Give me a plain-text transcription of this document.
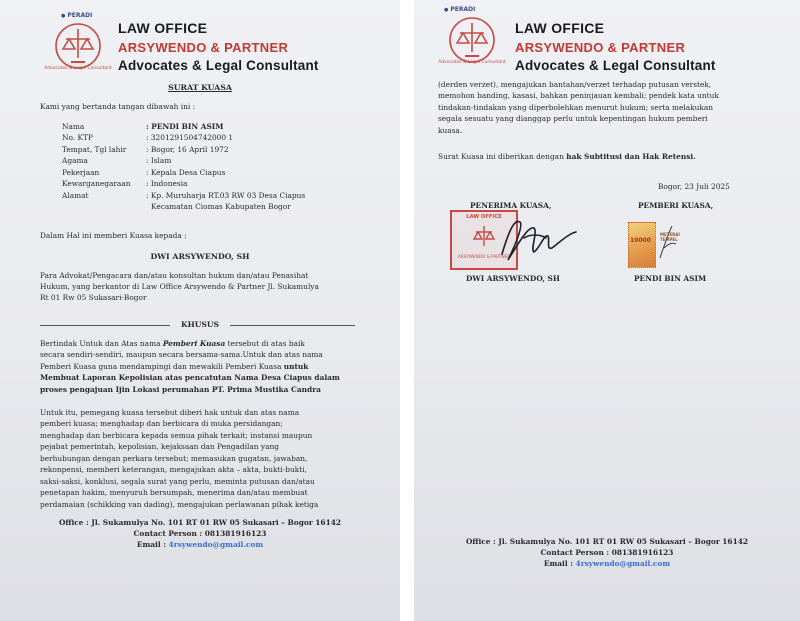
● PERADI
Advocates & Legal Consultant
LAW OFFICE
ARSYWENDO & PARTNER
Advocates & Legal Consultant
SURAT KUASA
Kami yang bertanda tangan dibawah ini :
Nama	: PENDI BIN ASIM
No. KTP	: 3201291504742000 1
Tempat, Tgl lahir	: Bogor, 16 April 1972
Agama	: Islam
Pekerjaan	: Kepala Desa Ciapus
Kewarganegaraan : Indonesia
Alamat	: Kp. Muruharja RT.03 RW 03 Desa Ciapus
Kecamatan Ciomas Kabupaten Bogor
Dalam Hal ini memberi Kuasa kepada :
DWI ARSYWENDO, SH
Para Advokat/Pengacara dan/atau konsultan hukum dan/atau Penasihat
Hukum, yang berkantor di Law Office Arsywendo & Partner Jl. Sukamulya
Rt 01 Rw 05 Sukasari-Bogor
KHUSUS
Bertindak Untuk dan Atas nama Pemberi Kuasa tersebut di atas baik
secara sendiri-sendiri, maupun secara bersama-sama.Untuk dan atas nama
Pemberi Kuasa guna mendampingi dan mewakili Pemberi Kuasa untuk
Membuat Laporan Kepolisian atas pencatutan Nama Desa Ciapus dalam
proses pengajuan Ijin Lokasi perumahan PT. Prima Mustika Candra
Untuk itu, pemegang kuasa tersebut diberi hak untuk dan atas nama
pemberi kuasa; menghadap dan berbicara di muka persidangan;
menghadap dan berbicara kepada semua pihak terkait; instansi maupun
pejabat pemerintah, kepolisian, kejaksaan dan Pengadilan yang
berhubungan dengan perkara tersebut; memasukan gugatan, jawaban,
rekonpensi, memberi keterangan, mengajukan akta – akta, bukti-bukti,
saksi-saksi, konklusi, segala surat yang perlu, meminta putusan dan/atau
penetapan hakim, menyuruh bersumpah, menerima dan/atau membuat
perdamaian (schikking van dading), mengajukan perlawanan pihak ketiga
Office : Jl. Sukamulya No. 101 RT 01 RW 05 Sukasari – Bogor 16142
Contact Person : 081381916123
Email : 4rsywendo@gmail.com
● PERADI
Advocates & Legal Consultant
LAW OFFICE
ARSYWENDO & PARTNER
Advocates & Legal Consultant
(derden verzet), mengajukan bantahan/verzet terhadap putusan verstek,
memohon banding, kasasi, bahkan peninjauan kembali; pendek kata untuk
tindakan-tindakan yang diperbolehkan menurut hukum; serta melakukan
segala sesuatu yang dianggap perlu untuk kepentingan hukum pemberi
kuasa.
Surat Kuasa ini diberikan dengan hak Subtitusi dan Hak Retensi.
Bogor, 23 Juli 2025
PENERIMA KUASA,	PEMBERI KUASA,
LAW OFFICE
ARSYWENDO & PARTNER
10000
METERAI TEMPEL
DWI ARSYWENDO, SH	PENDI BIN ASIM
Office : Jl. Sukamulya No. 101 RT 01 RW 05 Sukasari – Bogor 16142
Contact Person : 081381916123
Email : 4rsywendo@gmail.com
